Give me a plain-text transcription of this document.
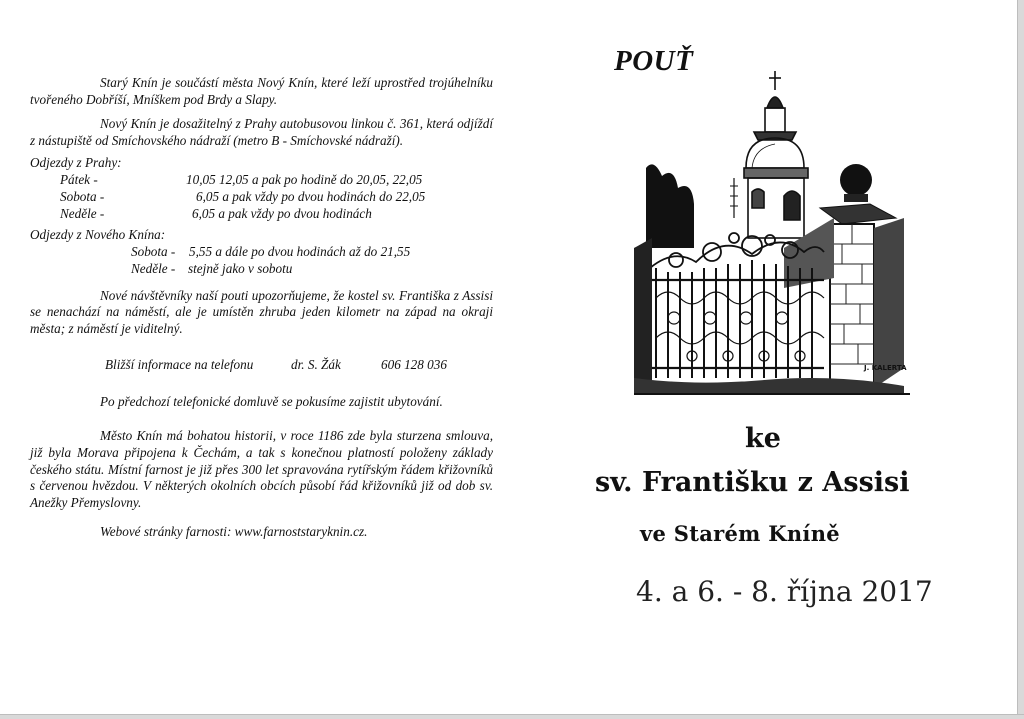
Starý Knín je součástí města Nový Knín, které leží uprostřed trojúhelníku tvořeného Dobříší, Mníškem pod Brdy a Slapy.

Nový Knín je dosažitelný z Prahy autobusovou linkou č. 361, která odjíždí z nástupiště od Smíchovského nádraží (metro B - Smíchovské nádraží).

Odjezdy z Prahy:

Pátek -	10,05 12,05 a pak po hodině do 20,05, 22,05
Sobota -	6,05 a pak vždy po dvou hodinách do 22,05
Neděle -	6,05 a pak vždy po dvou hodinách

Odjezdy z Nového Knína:

Sobota - 5,55 a dále po dvou hodinách až do 21,55
Neděle - stejně jako v sobotu

Nové návštěvníky naší pouti upozorňujeme, že kostel sv. Františka z Assisi se nenachází na náměstí, ale je umístěn zhruba jeden kilometr na západ na okraji města; z náměstí je viditelný.

Bližší informace na telefonu	dr. S. Žák	606 128 036
Po předchozí telefonické domluvě se pokusíme zajistit ubytování.

Město Knín má bohatou historii, v roce 1186 zde byla sturzena smlouva, již byla Morava připojena k Čechám, a tak s konečnou platností položeny základy českého státu. Místní farnost je již přes 300 let spravována rytířským řádem křižovníků s červenou hvězdou. V některých okolních obcích působí řád křižovníků již od dob sv. Anežky Přemyslovny.

Webové stránky farnosti: www.farnoststaryknin.cz.
POUŤ
J. KALERTA
ke
sv. Františku z Assisi
ve Starém Kníně
4. a 6. - 8. října 2017
